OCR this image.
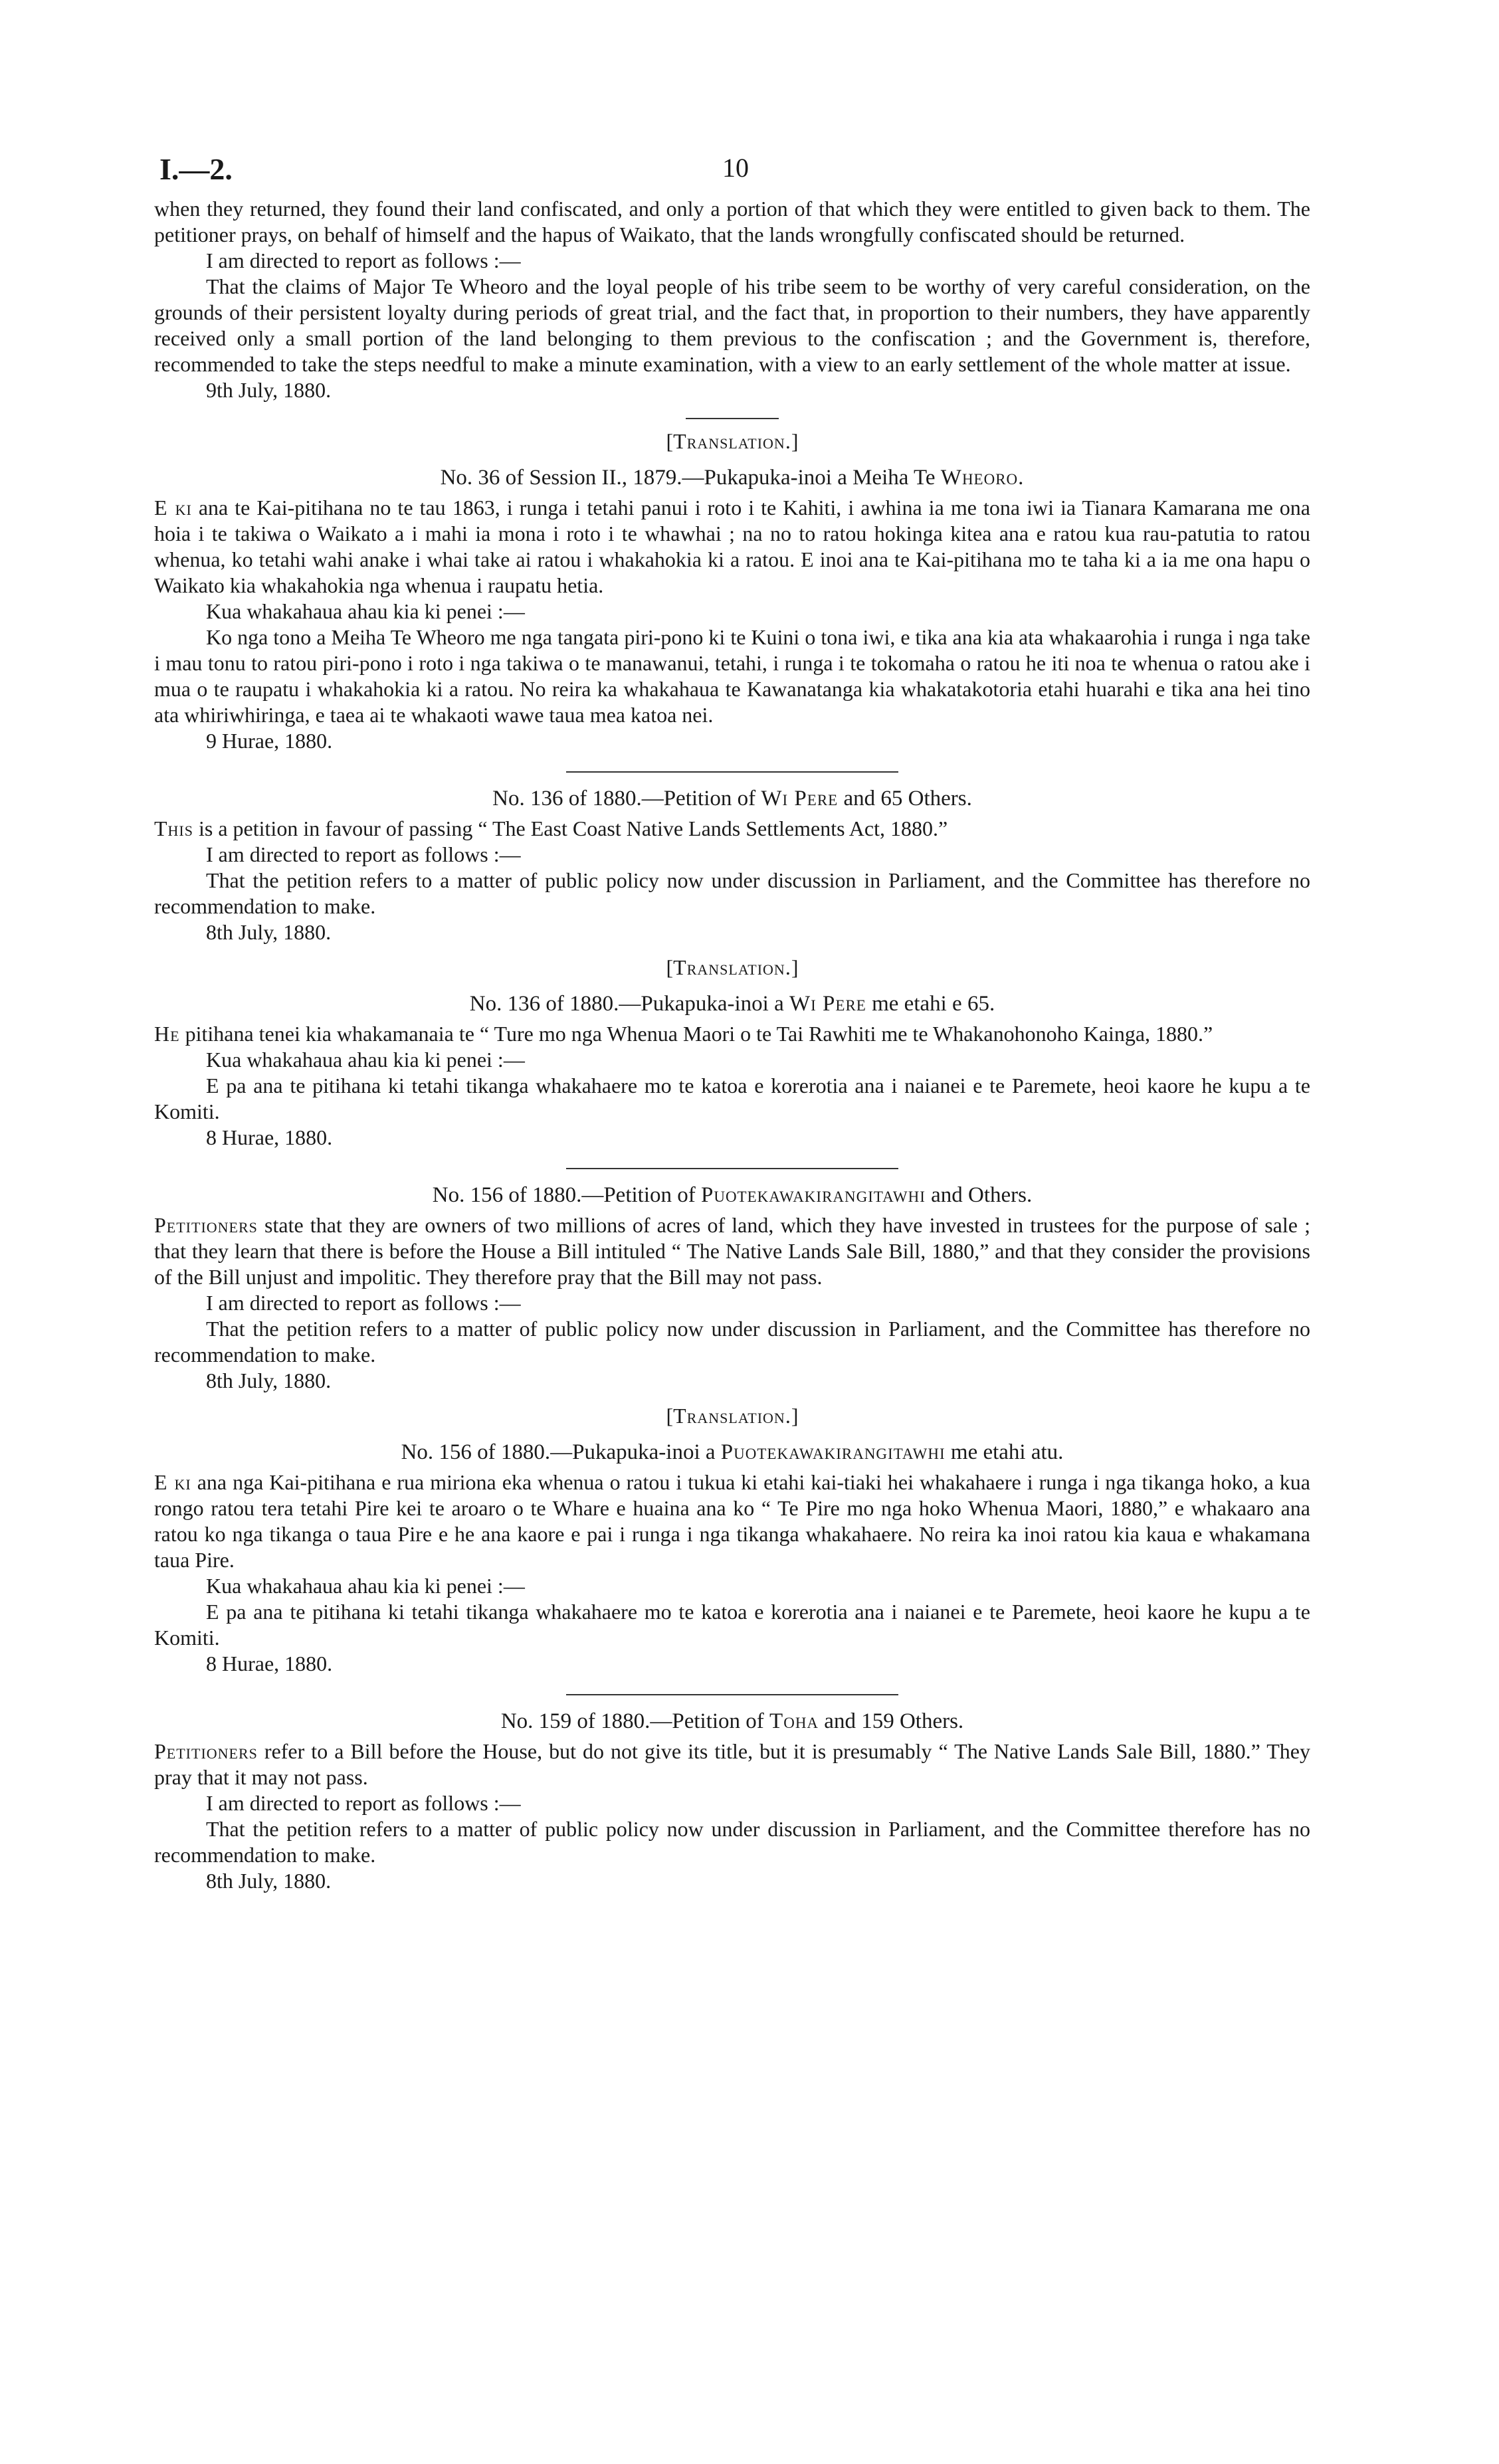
I.—2.	10

when they returned, they found their land confiscated, and only a portion of that which they were entitled to given back to them. The petitioner prays, on behalf of himself and the hapus of Waikato, that the lands wrongfully confiscated should be returned.

I am directed to report as follows :—

That the claims of Major Te Wheoro and the loyal people of his tribe seem to be worthy of very careful consideration, on the grounds of their persistent loyalty during periods of great trial, and the fact that, in proportion to their numbers, they have apparently received only a small portion of the land belonging to them previous to the confiscation ; and the Government is, therefore, recommended to take the steps needful to make a minute examination, with a view to an early settlement of the whole matter at issue.

9th July, 1880.

[Translation.]
No. 36 of Session II., 1879.—Pukapuka-inoi a Meiha Te Wheoro.

E ki ana te Kai-pitihana no te tau 1863, i runga i tetahi panui i roto i te Kahiti, i awhina ia me tona iwi ia Tianara Kamarana me ona hoia i te takiwa o Waikato a i mahi ia mona i roto i te whawhai ; na no to ratou hokinga kitea ana e ratou kua rau-patutia to ratou whenua, ko tetahi wahi anake i whai take ai ratou i whakahokia ki a ratou. E inoi ana te Kai-pitihana mo te taha ki a ia me ona hapu o Waikato kia whakahokia nga whenua i raupatu hetia.

Kua whakahaua ahau kia ki penei :—

Ko nga tono a Meiha Te Wheoro me nga tangata piri-pono ki te Kuini o tona iwi, e tika ana kia ata whakaarohia i runga i nga take i mau tonu to ratou piri-pono i roto i nga takiwa o te manawanui, tetahi, i runga i te tokomaha o ratou he iti noa te whenua o ratou ake i mua o te raupatu i whakahokia ki a ratou. No reira ka whakahaua te Kawanatanga kia whakatakotoria etahi huarahi e tika ana hei tino ata whiriwhiringa, e taea ai te whakaoti wawe taua mea katoa nei.

9 Hurae, 1880.

No. 136 of 1880.—Petition of Wi Pere and 65 Others.

This is a petition in favour of passing “ The East Coast Native Lands Settlements Act, 1880.”

I am directed to report as follows :—

That the petition refers to a matter of public policy now under discussion in Parliament, and the Committee has therefore no recommendation to make.

8th July, 1880.

[Translation.]
No. 136 of 1880.—Pukapuka-inoi a Wi Pere me etahi e 65.

He pitihana tenei kia whakamanaia te “ Ture mo nga Whenua Maori o te Tai Rawhiti me te Whakanohonoho Kainga, 1880.”

Kua whakahaua ahau kia ki penei :—

E pa ana te pitihana ki tetahi tikanga whakahaere mo te katoa e korerotia ana i naianei e te Paremete, heoi kaore he kupu a te Komiti.

8 Hurae, 1880.

No. 156 of 1880.—Petition of Puotekawakirangitawhi and Others.

Petitioners state that they are owners of two millions of acres of land, which they have invested in trustees for the purpose of sale ; that they learn that there is before the House a Bill intituled “ The Native Lands Sale Bill, 1880,” and that they consider the provisions of the Bill unjust and impolitic. They therefore pray that the Bill may not pass.

I am directed to report as follows :—

That the petition refers to a matter of public policy now under discussion in Parliament, and the Committee has therefore no recommendation to make.

8th July, 1880.

[Translation.]
No. 156 of 1880.—Pukapuka-inoi a Puotekawakirangitawhi me etahi atu.

E ki ana nga Kai-pitihana e rua miriona eka whenua o ratou i tukua ki etahi kai-tiaki hei whakahaere i runga i nga tikanga hoko, a kua rongo ratou tera tetahi Pire kei te aroaro o te Whare e huaina ana ko “ Te Pire mo nga hoko Whenua Maori, 1880,” e whakaaro ana ratou ko nga tikanga o taua Pire e he ana kaore e pai i runga i nga tikanga whakahaere. No reira ka inoi ratou kia kaua e whakamana taua Pire.

Kua whakahaua ahau kia ki penei :—

E pa ana te pitihana ki tetahi tikanga whakahaere mo te katoa e korerotia ana i naianei e te Paremete, heoi kaore he kupu a te Komiti.

8 Hurae, 1880.

No. 159 of 1880.—Petition of Toha and 159 Others.

Petitioners refer to a Bill before the House, but do not give its title, but it is presumably “ The Native Lands Sale Bill, 1880.” They pray that it may not pass.

I am directed to report as follows :—

That the petition refers to a matter of public policy now under discussion in Parliament, and the Committee therefore has no recommendation to make.

8th July, 1880.
